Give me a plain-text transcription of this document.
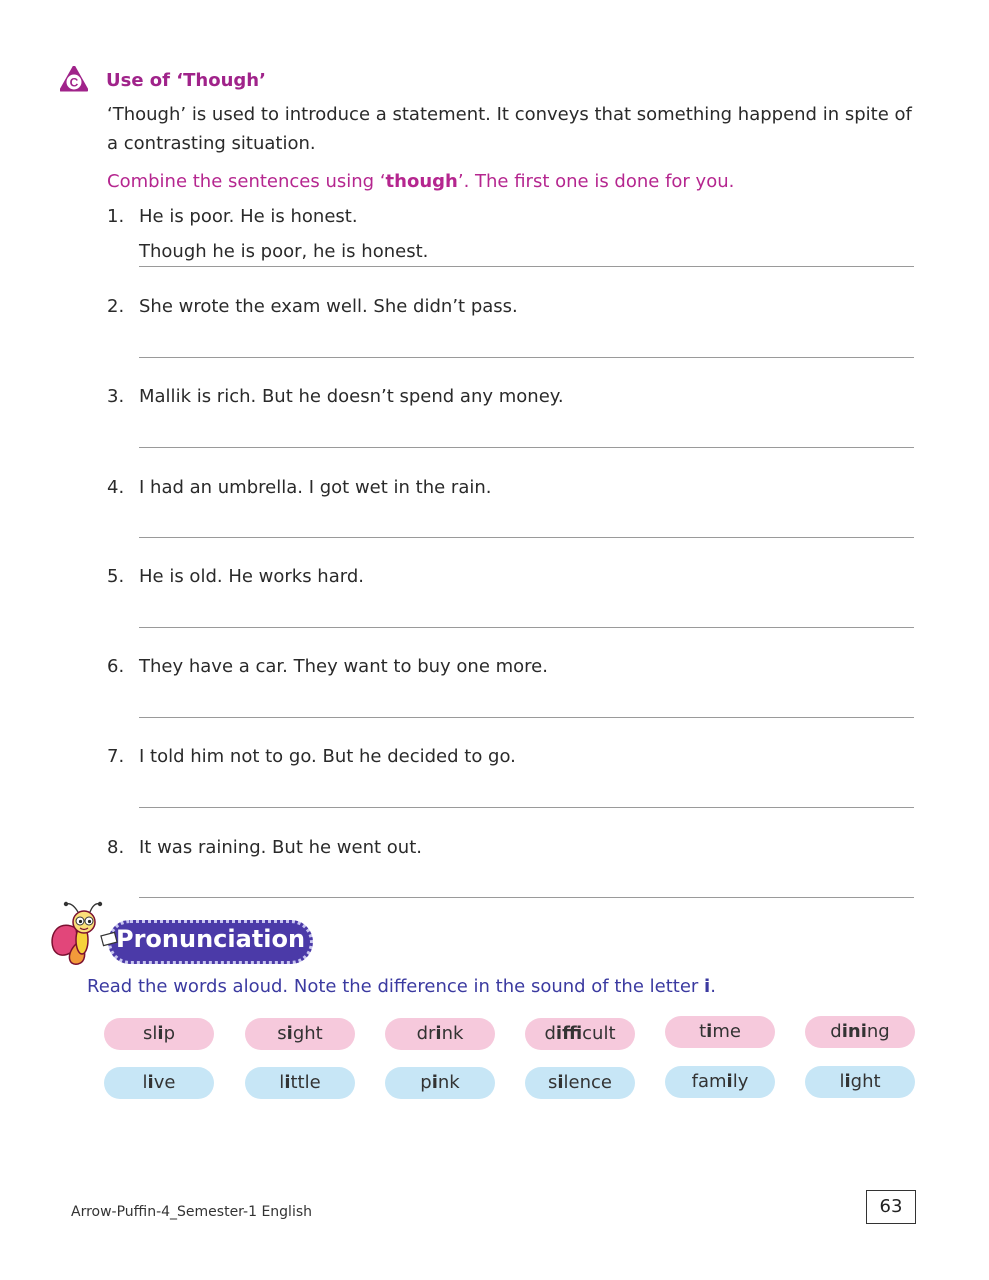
C Use of ‘Though’
‘Though’ is used to introduce a statement. It conveys that something happend in spite of a contrasting situation.
Combine the sentences using ‘though’. The first one is done for you.
1. He is poor. He is honest.
Though he is poor, he is honest.
2. She wrote the exam well. She didn’t pass.
3. Mallik is rich. But he doesn’t spend any money.
4. I had an umbrella. I got wet in the rain.
5. He is old. He works hard.
6. They have a car. They want to buy one more.
7. I told him not to go. But he decided to go.
8. It was raining. But he went out.
Pronunciation
Read the words aloud. Note the difference in the sound of the letter i.
slip	sight	drink	difficult	time	dining
live	little	pink	silence	family	light
Arrow-Puffin-4_Semester-1 English	63
